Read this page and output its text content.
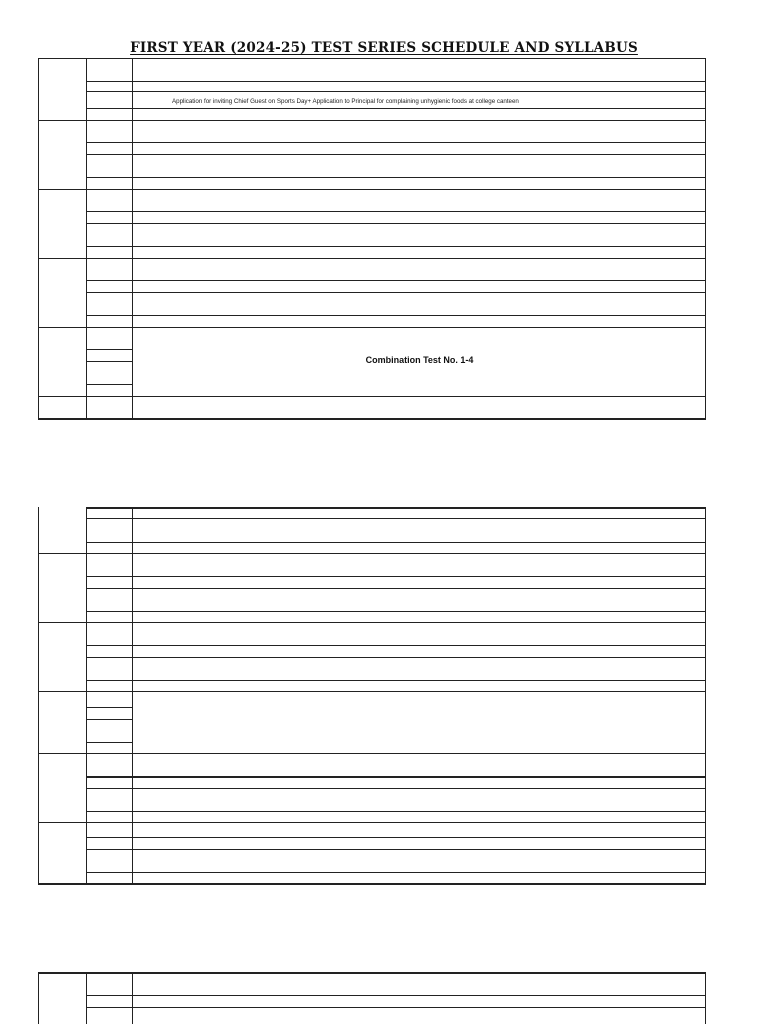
FIRST YEAR (2024-25) TEST SERIES SCHEDULE AND SYLLABUS
Application for inviting Chief Guest on Sports Day+ Application to Principal for complaining unhygienic foods at college canteen
Combination Test No. 1-4
